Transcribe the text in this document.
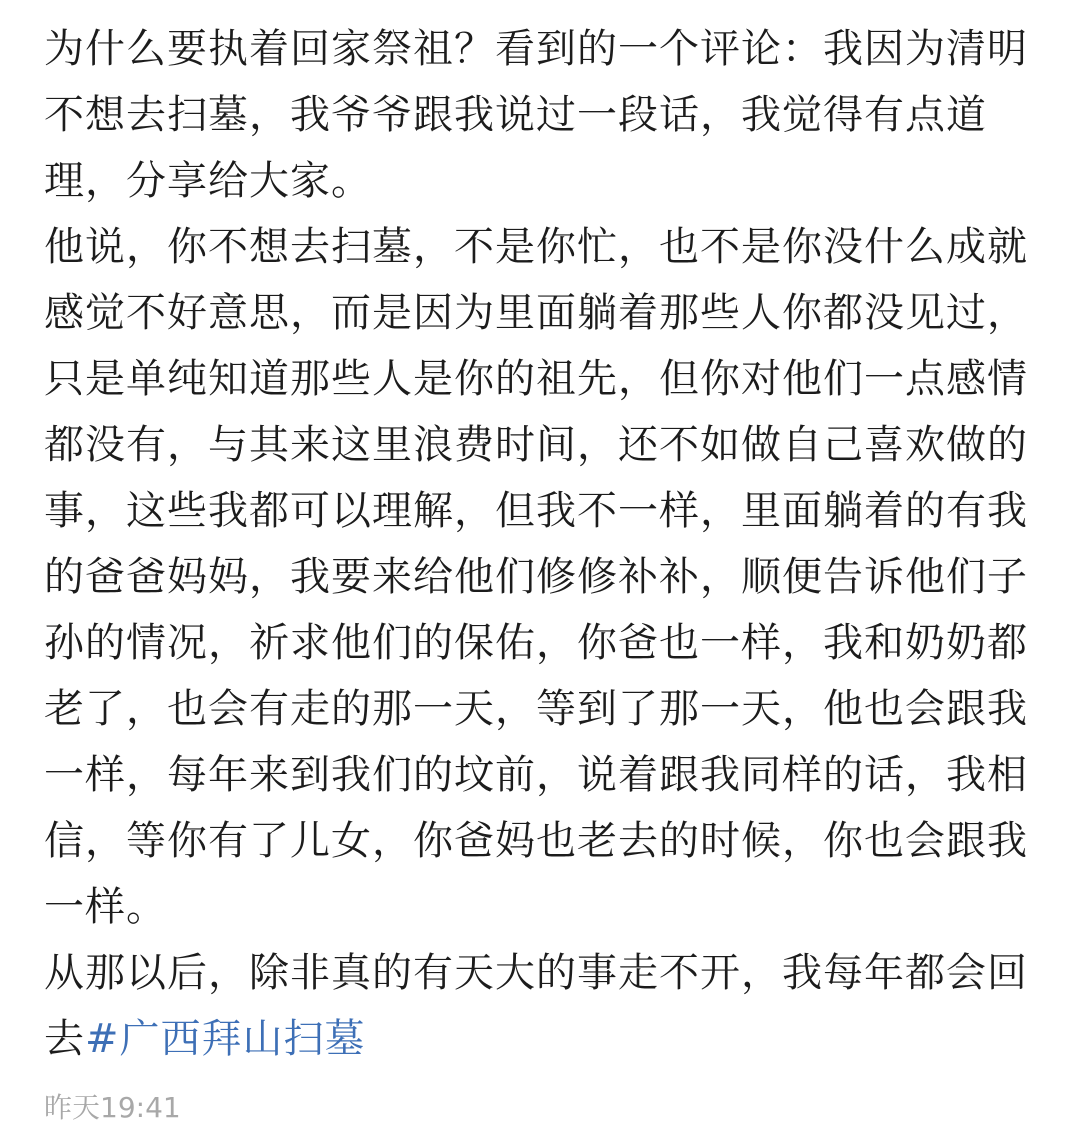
为什么要执着回家祭祖？看到的一个评论：我因为清明不想去扫墓，我爷爷跟我说过一段话，我觉得有点道理，分享给大家。

他说，你不想去扫墓，不是你忙，也不是你没什么成就感觉不好意思，而是因为里面躺着那些人你都没见过，只是单纯知道那些人是你的祖先，但你对他们一点感情都没有，与其来这里浪费时间，还不如做自己喜欢做的事，这些我都可以理解，但我不一样，里面躺着的有我的爸爸妈妈，我要来给他们修修补补，顺便告诉他们子孙的情况，祈求他们的保佑，你爸也一样，我和奶奶都老了，也会有走的那一天，等到了那一天，他也会跟我一样，每年来到我们的坟前，说着跟我同样的话，我相信，等你有了儿女，你爸妈也老去的时候，你也会跟我一样。

从那以后，除非真的有天大的事走不开，我每年都会回去#广西拜山扫墓

昨天19:41
